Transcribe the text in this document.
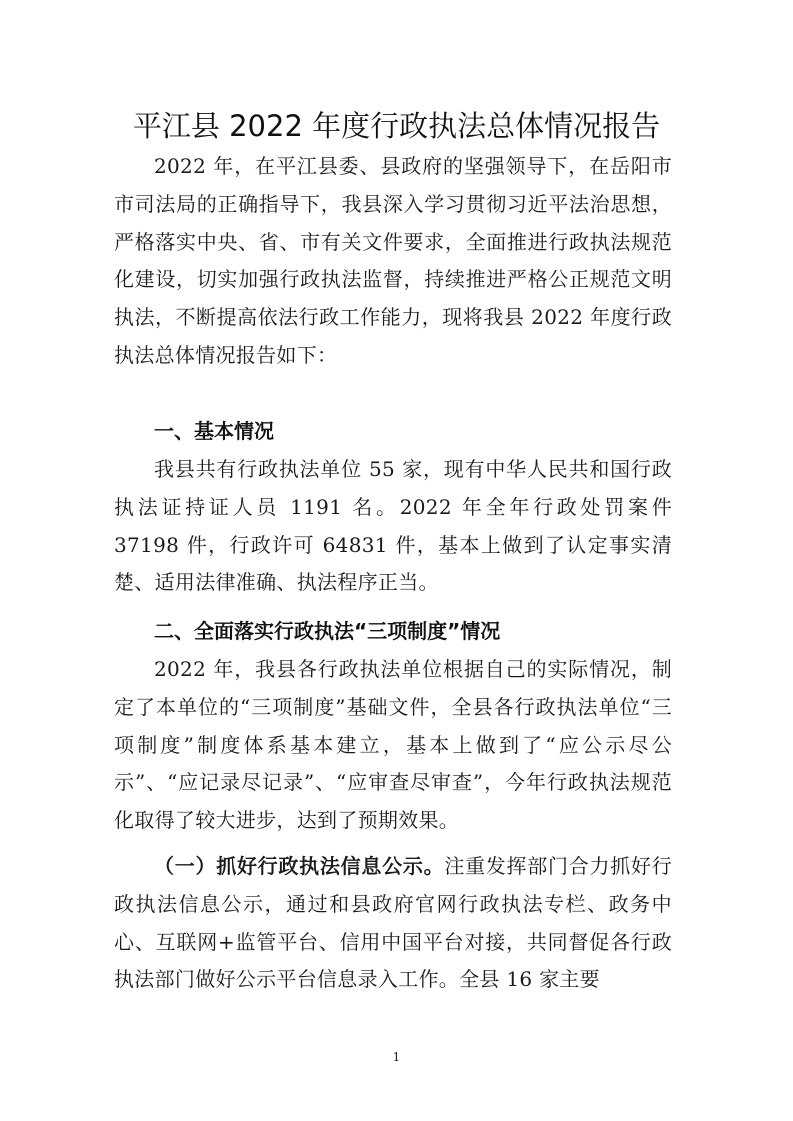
平江县 2022 年度行政执法总体情况报告

2022 年，在平江县委、县政府的坚强领导下，在岳阳市市司法局的正确指导下，我县深入学习贯彻习近平法治思想，严格落实中央、省、市有关文件要求，全面推进行政执法规范化建设，切实加强行政执法监督，持续推进严格公正规范文明执法，不断提高依法行政工作能力，现将我县 2022 年度行政执法总体情况报告如下：

一、基本情况

我县共有行政执法单位 55 家，现有中华人民共和国行政执法证持证人员 1191 名。2022 年全年行政处罚案件 37198 件，行政许可 64831 件，基本上做到了认定事实清楚、适用法律准确、执法程序正当。

二、全面落实行政执法“三项制度”情况

2022 年，我县各行政执法单位根据自己的实际情况，制定了本单位的“三项制度”基础文件，全县各行政执法单位“三项制度”制度体系基本建立，基本上做到了“应公示尽公示”、“应记录尽记录”、“应审查尽审查”，今年行政执法规范化取得了较大进步，达到了预期效果。

（一）抓好行政执法信息公示。注重发挥部门合力抓好行政执法信息公示，通过和县政府官网行政执法专栏、政务中心、互联网+监管平台、信用中国平台对接，共同督促各行政执法部门做好公示平台信息录入工作。全县 16 家主要

1
